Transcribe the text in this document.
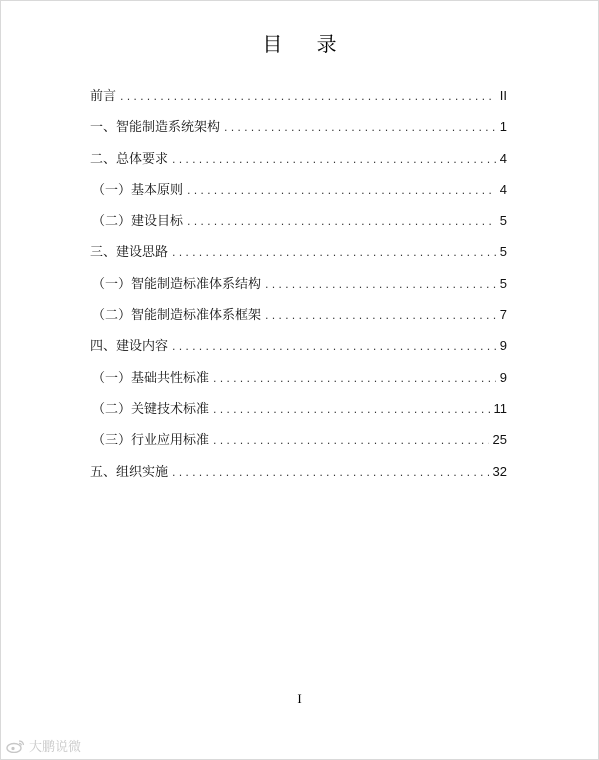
目 录
前言 .....	II
一、智能制造系统架构 .....	1
二、总体要求 .....	4
（一）基本原则 .....	4
（二）建设目标 .....	5
三、建设思路 .....	5
（一）智能制造标准体系结构 .....	5
（二）智能制造标准体系框架 .....	7
四、建设内容 .....	9
（一）基础共性标准 .....	9
（二）关键技术标准 .....	11
（三）行业应用标准 .....	25
五、组织实施 .....	32
I
大鹏说微
